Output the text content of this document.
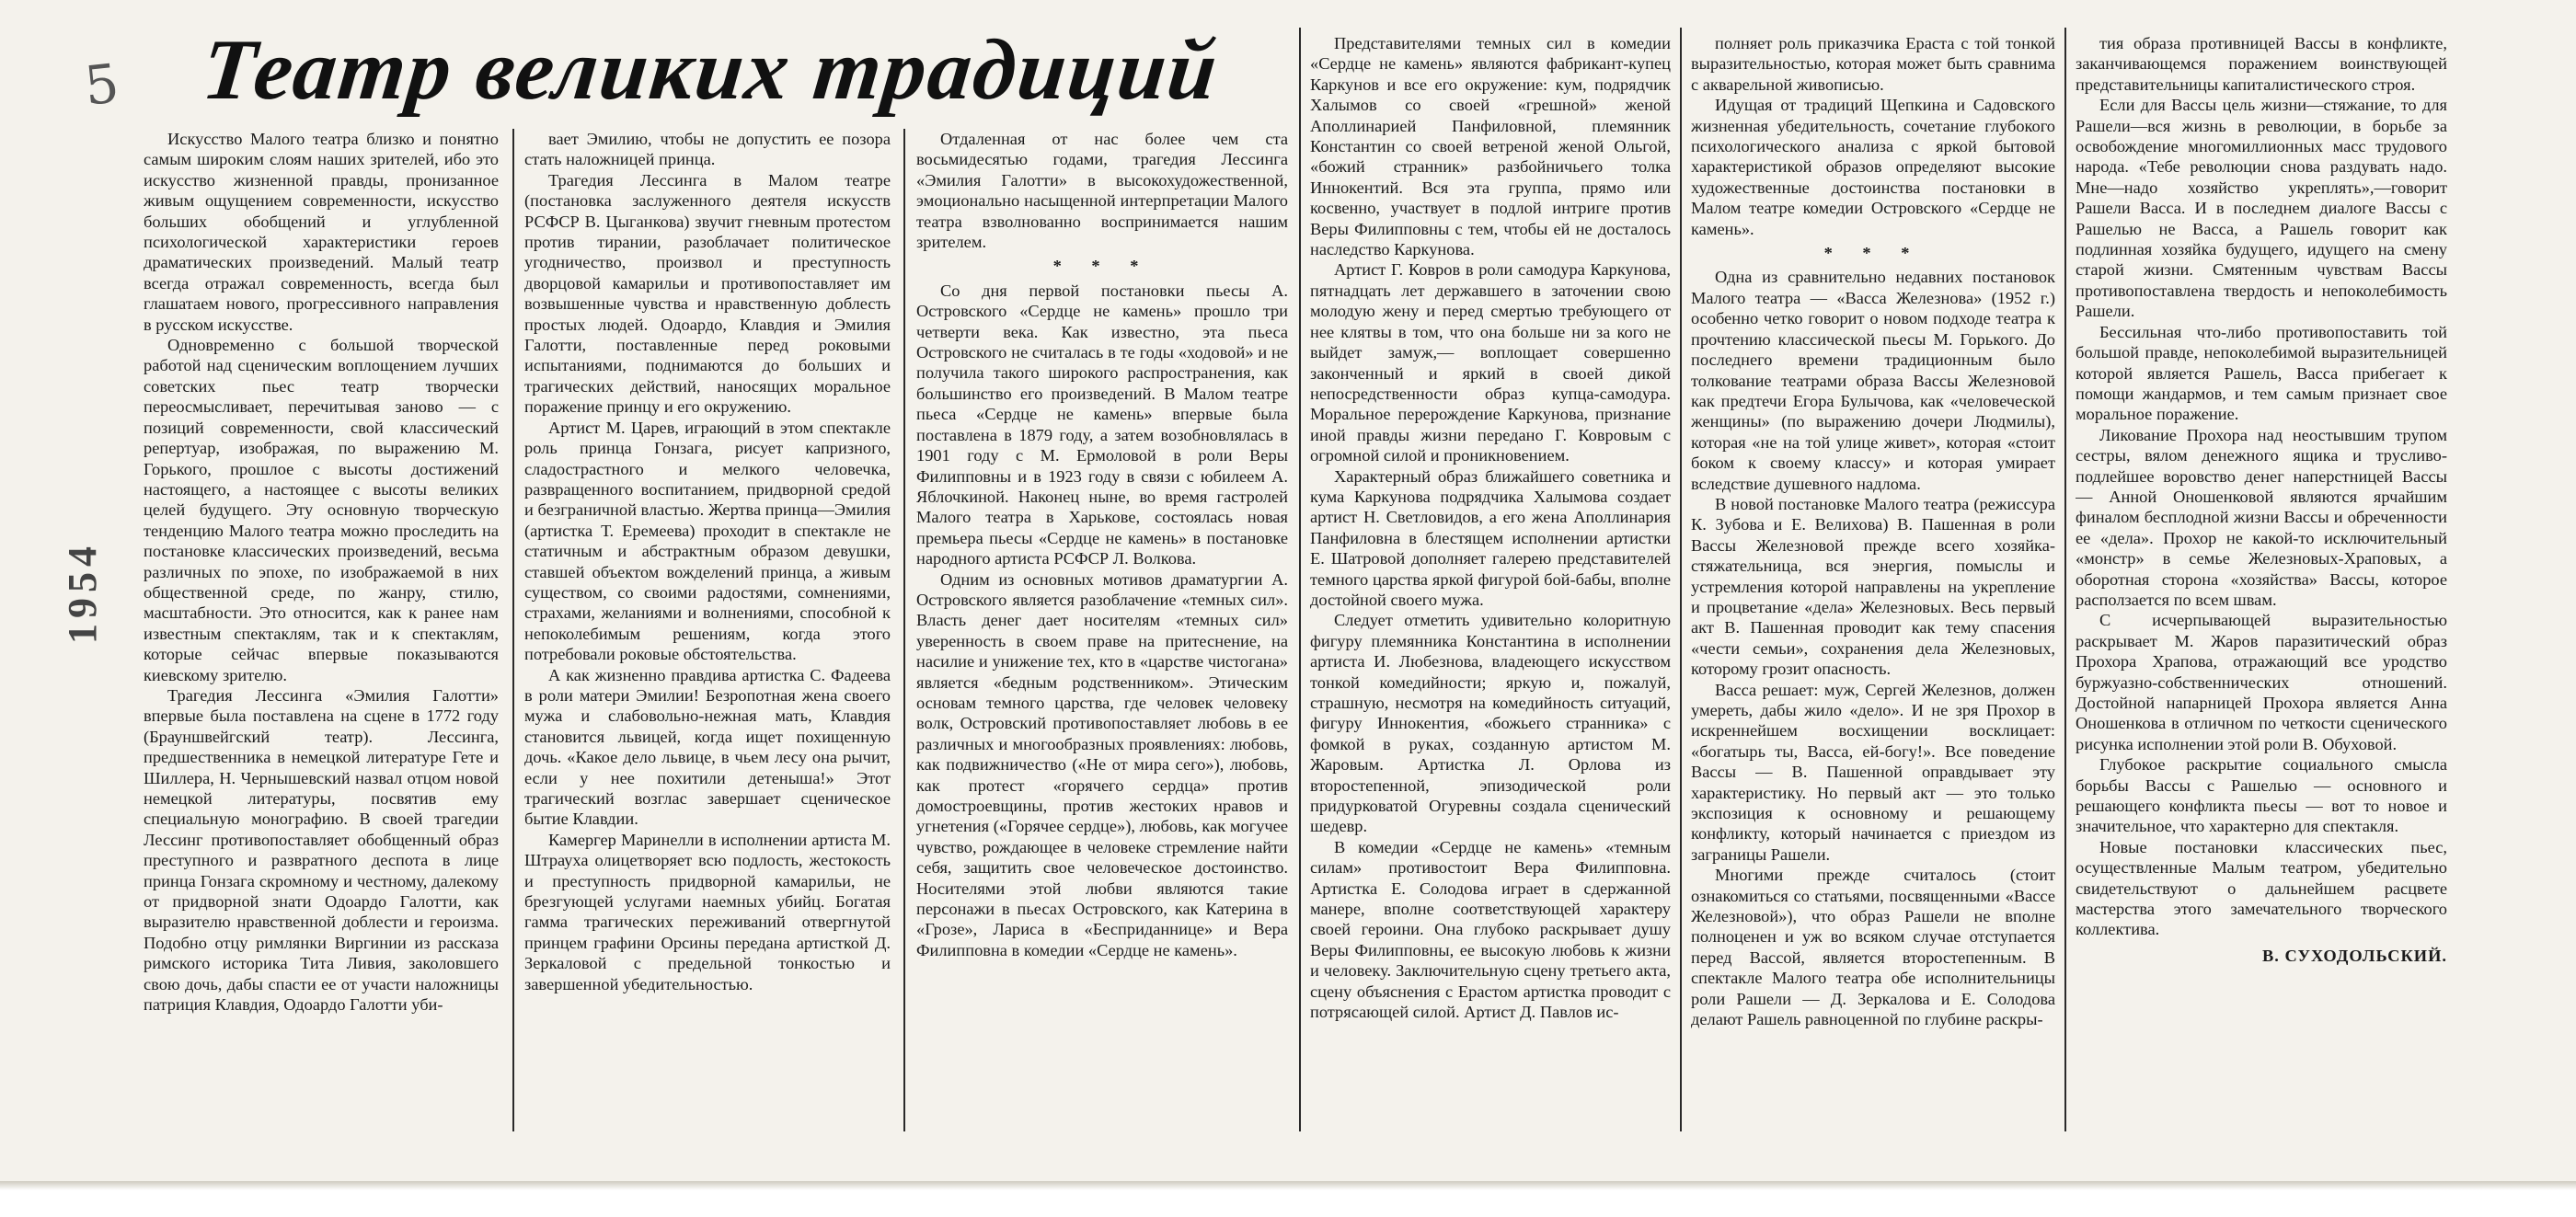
5 Театр великих традиций
1954

Искусство Малого театра близко и понятно самым широким слоям наших зрителей, ибо это искусство жизненной правды, пронизанное живым ощущением современности, искусство больших обобщений и углубленной психологической характеристики героев драматических произведений. Малый театр всегда отражал современность, всегда был глашатаем нового, прогрессивного направления в русском искусстве.

Одновременно с большой творческой работой над сценическим воплощением лучших советских пьес театр творчески переосмысливает, перечитывая заново — с позиций современности, свой классический репертуар, изображая, по выражению М. Горького, прошлое с высоты достижений настоящего, а настоящее с высоты великих целей будущего. Эту основную творческую тенденцию Малого театра можно проследить на постановке классических произведений, весьма различных по эпохе, по изображаемой в них общественной среде, по жанру, стилю, масштабности. Это относится, как к ранее нам известным спектаклям, так и к спектаклям, которые сейчас впервые показываются киевскому зрителю.

Трагедия Лессинга «Эмилия Галотти» впервые была поставлена на сцене в 1772 году (Брауншвейгский театр). Лессинга, предшественника в немецкой литературе Гете и Шиллера, Н. Чернышевский назвал отцом новой немецкой литературы, посвятив ему специальную монографию. В своей трагедии Лессинг противопоставляет обобщенный образ преступного и развратного деспота в лице принца Гонзага скромному и честному, далекому от придворной знати Одоардо Галотти, как выразителю нравственной доблести и героизма. Подобно отцу римлянки Виргинии из рассказа римского историка Тита Ливия, заколовшего свою дочь, дабы спасти ее от участи наложницы патриция Клавдия, Одоардо Галотти уби-

вает Эмилию, чтобы не допустить ее позора стать наложницей принца.

Трагедия Лессинга в Малом театре (постановка заслуженного деятеля искусств РСФСР В. Цыганкова) звучит гневным протестом против тирании, разоблачает политическое угодничество, произвол и преступность дворцовой камарильи и противопоставляет им возвышенные чувства и нравственную доблесть простых людей. Одоардо, Клавдия и Эмилия Галотти, поставленные перед роковыми испытаниями, поднимаются до больших и трагических действий, наносящих моральное поражение принцу и его окружению.

Артист М. Царев, играющий в этом спектакле роль принца Гонзага, рисует капризного, сладострастного и мелкого человечка, развращенного воспитанием, придворной средой и безграничной властью. Жертва принца—Эмилия (артистка Т. Еремеева) проходит в спектакле не статичным и абстрактным образом девушки, ставшей объектом вожделений принца, а живым существом, со своими радостями, сомнениями, страхами, желаниями и волнениями, способной к непоколебимым решениям, когда этого потребовали роковые обстоятельства.

А как жизненно правдива артистка С. Фадеева в роли матери Эмилии! Безропотная жена своего мужа и слабовольно-нежная мать, Клавдия становится львицей, когда ищет похищенную дочь. «Какое дело львице, в чьем лесу она рычит, если у нее похитили детеныша!» Этот трагический возглас завершает сценическое бытие Клавдии.

Камергер Маринелли в исполнении артиста М. Штрауха олицетворяет всю подлость, жестокость и преступность придворной камарильи, не брезгующей услугами наемных убийц. Богатая гамма трагических переживаний отвергнутой принцем графини Орсины передана артисткой Д. Зеркаловой с предельной тонкостью и завершенной убедительностью.

Отдаленная от нас более чем ста восьмидесятью годами, трагедия Лессинга «Эмилия Галотти» в высокохудожественной, эмоционально насыщенной интерпретации Малого театра взволнованно воспринимается нашим зрителем.

* * *

Со дня первой постановки пьесы А. Островского «Сердце не камень» прошло три четверти века. Как известно, эта пьеса Островского не считалась в те годы «ходовой» и не получила такого широкого распространения, как большинство его произведений. В Малом театре пьеса «Сердце не камень» впервые была поставлена в 1879 году, а затем возобновлялась в 1901 году с М. Ермоловой в роли Веры Филипповны и в 1923 году в связи с юбилеем А. Яблочкиной. Наконец ныне, во время гастролей Малого театра в Харькове, состоялась новая премьера пьесы «Сердце не камень» в постановке народного артиста РСФСР Л. Волкова.

Одним из основных мотивов драматургии А. Островского является разоблачение «темных сил». Власть денег дает носителям «темных сил» уверенность в своем праве на притеснение, на насилие и унижение тех, кто в «царстве чистогана» является «бедным родственником». Этическим основам темного царства, где человек человеку волк, Островский противопоставляет любовь в ее различных и многообразных проявлениях: любовь, как подвижничество («Не от мира сего»), любовь, как протест «горячего сердца» против домостроевщины, против жестоких нравов и угнетения («Горячее сердце»), любовь, как могучее чувство, рождающее в человеке стремление найти себя, защитить свое человеческое достоинство. Носителями этой любви являются такие персонажи в пьесах Островского, как Катерина в «Грозе», Лариса в «Бесприданнице» и Вера Филипповна в комедии «Сердце не камень».

Представителями темных сил в комедии «Сердце не камень» являются фабрикант-купец Каркунов и все его окружение: кум, подрядчик Халымов со своей «грешной» женой Аполлинарией Панфиловной, племянник Константин со своей ветреной женой Ольгой, «божий странник» разбойничьего толка Иннокентий. Вся эта группа, прямо или косвенно, участвует в подлой интриге против Веры Филипповны с тем, чтобы ей не досталось наследство Каркунова.

Артист Г. Ковров в роли самодура Каркунова, пятнадцать лет державшего в заточении свою молодую жену и перед смертью требующего от нее клятвы в том, что она больше ни за кого не выйдет замуж,— воплощает совершенно законченный и яркий в своей дикой непосредственности образ купца-самодура. Моральное перерождение Каркунова, признание иной правды жизни передано Г. Ковровым с огромной силой и проникновением.

Характерный образ ближайшего советника и кума Каркунова подрядчика Халымова создает артист Н. Светловидов, а его жена Аполлинария Панфиловна в блестящем исполнении артистки Е. Шатровой дополняет галерею представителей темного царства яркой фигурой бой-бабы, вполне достойной своего мужа.

Следует отметить удивительно колоритную фигуру племянника Константина в исполнении артиста И. Любезнова, владеющего искусством тонкой комедийности; яркую и, пожалуй, страшную, несмотря на комедийность ситуаций, фигуру Иннокентия, «божьего странника» с фомкой в руках, созданную артистом М. Жаровым. Артистка Л. Орлова из второстепенной, эпизодической роли придурковатой Огуревны создала сценический шедевр.

В комедии «Сердце не камень» «темным силам» противостоит Вера Филипповна. Артистка Е. Солодова играет в сдержанной манере, вполне соответствующей характеру своей героини. Она глубоко раскрывает душу Веры Филипповны, ее высокую любовь к жизни и человеку. Заключительную сцену третьего акта, сцену объяснения с Ерастом артистка проводит с потрясающей силой. Артист Д. Павлов ис-

полняет роль приказчика Ераста с той тонкой выразительностью, которая может быть сравнима с акварельной живописью.

Идущая от традиций Щепкина и Садовского жизненная убедительность, сочетание глубокого психологического анализа с яркой бытовой характеристикой образов определяют высокие художественные достоинства постановки в Малом театре комедии Островского «Сердце не камень».

* * *

Одна из сравнительно недавних постановок Малого театра — «Васса Железнова» (1952 г.) особенно четко говорит о новом подходе театра к прочтению классической пьесы М. Горького. До последнего времени традиционным было толкование театрами образа Вассы Железновой как предтечи Егора Булычова, как «человеческой женщины» (по выражению дочери Людмилы), которая «не на той улице живет», которая «стоит боком к своему классу» и которая умирает вследствие душевного надлома.

В новой постановке Малого театра (режиссура К. Зубова и Е. Велихова) В. Пашенная в роли Вассы Железновой прежде всего хозяйка-стяжательница, вся энергия, помыслы и устремления которой направлены на укрепление и процветание «дела» Железновых. Весь первый акт В. Пашенная проводит как тему спасения «чести семьи», сохранения дела Железновых, которому грозит опасность.

Васса решает: муж, Сергей Железнов, должен умереть, дабы жило «дело». И не зря Прохор в искреннейшем восхищении восклицает: «богатырь ты, Васса, ей-богу!». Все поведение Вассы — В. Пашенной оправдывает эту характеристику. Но первый акт — это только экспозиция к основному и решающему конфликту, который начинается с приездом из заграницы Рашели.

Многими прежде считалось (стоит ознакомиться со статьями, посвященными «Вассе Железновой»), что образ Рашели не вполне полноценен и уж во всяком случае отступается перед Вассой, является второстепенным. В спектакле Малого театра обе исполнительницы роли Рашели — Д. Зеркалова и Е. Солодова делают Рашель равноценной по глубине раскры-

тия образа противницей Вассы в конфликте, заканчивающемся поражением воинствующей представительницы капиталистического строя.

Если для Вассы цель жизни—стяжание, то для Рашели—вся жизнь в революции, в борьбе за освобождение многомиллионных масс трудового народа. «Тебе революции снова раздувать надо. Мне—надо хозяйство укреплять»,—говорит Рашели Васса. И в последнем диалоге Вассы с Рашелью не Васса, а Рашель говорит как подлинная хозяйка будущего, идущего на смену старой жизни. Смятенным чувствам Вассы противопоставлена твердость и непоколебимость Рашели.

Бессильная что-либо противопоставить той большой правде, непоколебимой выразительницей которой является Рашель, Васса прибегает к помощи жандармов, и тем самым признает свое моральное поражение.

Ликование Прохора над неостывшим трупом сестры, вялом денежного ящика и трусливо-подлейшее воровство денег наперстницей Вассы — Анной Оношенковой являются ярчайшим финалом бесплодной жизни Вассы и обреченности ее «дела». Прохор не какой-то исключительный «монстр» в семье Железновых-Храповых, а оборотная сторона «хозяйства» Вассы, которое расползается по всем швам.

С исчерпывающей выразительностью раскрывает М. Жаров паразитический образ Прохора Храпова, отражающий все уродство буржуазно-собственнических отношений. Достойной напарницей Прохора является Анна Оношенкова в отличном по четкости сценического рисунка исполнении этой роли В. Обуховой.

Глубокое раскрытие социального смысла борьбы Вассы с Рашелью — основного и решающего конфликта пьесы — вот то новое и значительное, что характерно для спектакля.

Новые постановки классических пьес, осуществленные Малым театром, убедительно свидетельствуют о дальнейшем расцвете мастерства этого замечательного творческого коллектива.

В. СУХОДОЛЬСКИЙ.
